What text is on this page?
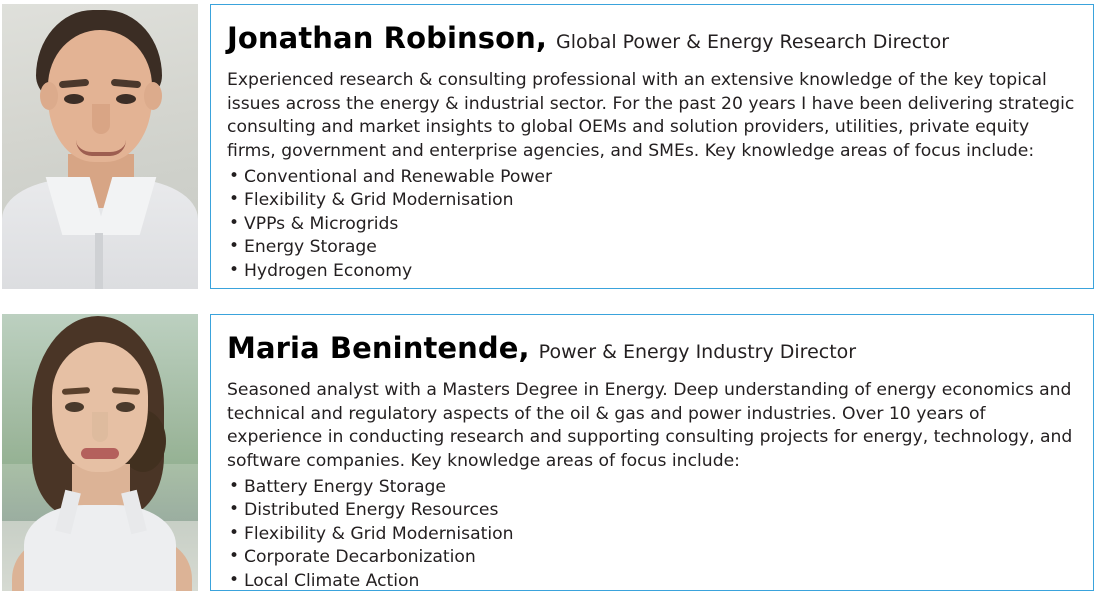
Jonathan Robinson, Global Power & Energy Research Director

Experienced research & consulting professional with an extensive knowledge of the key topical issues across the energy & industrial sector. For the past 20 years I have been delivering strategic consulting and market insights to global OEMs and solution providers, utilities, private equity firms, government and enterprise agencies, and SMEs. Key knowledge areas of focus include:

• Conventional and Renewable Power
• Flexibility & Grid Modernisation
• VPPs & Microgrids
• Energy Storage
• Hydrogen Economy
Maria Benintende, Power & Energy Industry Director

Seasoned analyst with a Masters Degree in Energy. Deep understanding of energy economics and technical and regulatory aspects of the oil & gas and power industries. Over 10 years of experience in conducting research and supporting consulting projects for energy, technology, and software companies. Key knowledge areas of focus include:

• Battery Energy Storage
• Distributed Energy Resources
• Flexibility & Grid Modernisation
• Corporate Decarbonization
• Local Climate Action
